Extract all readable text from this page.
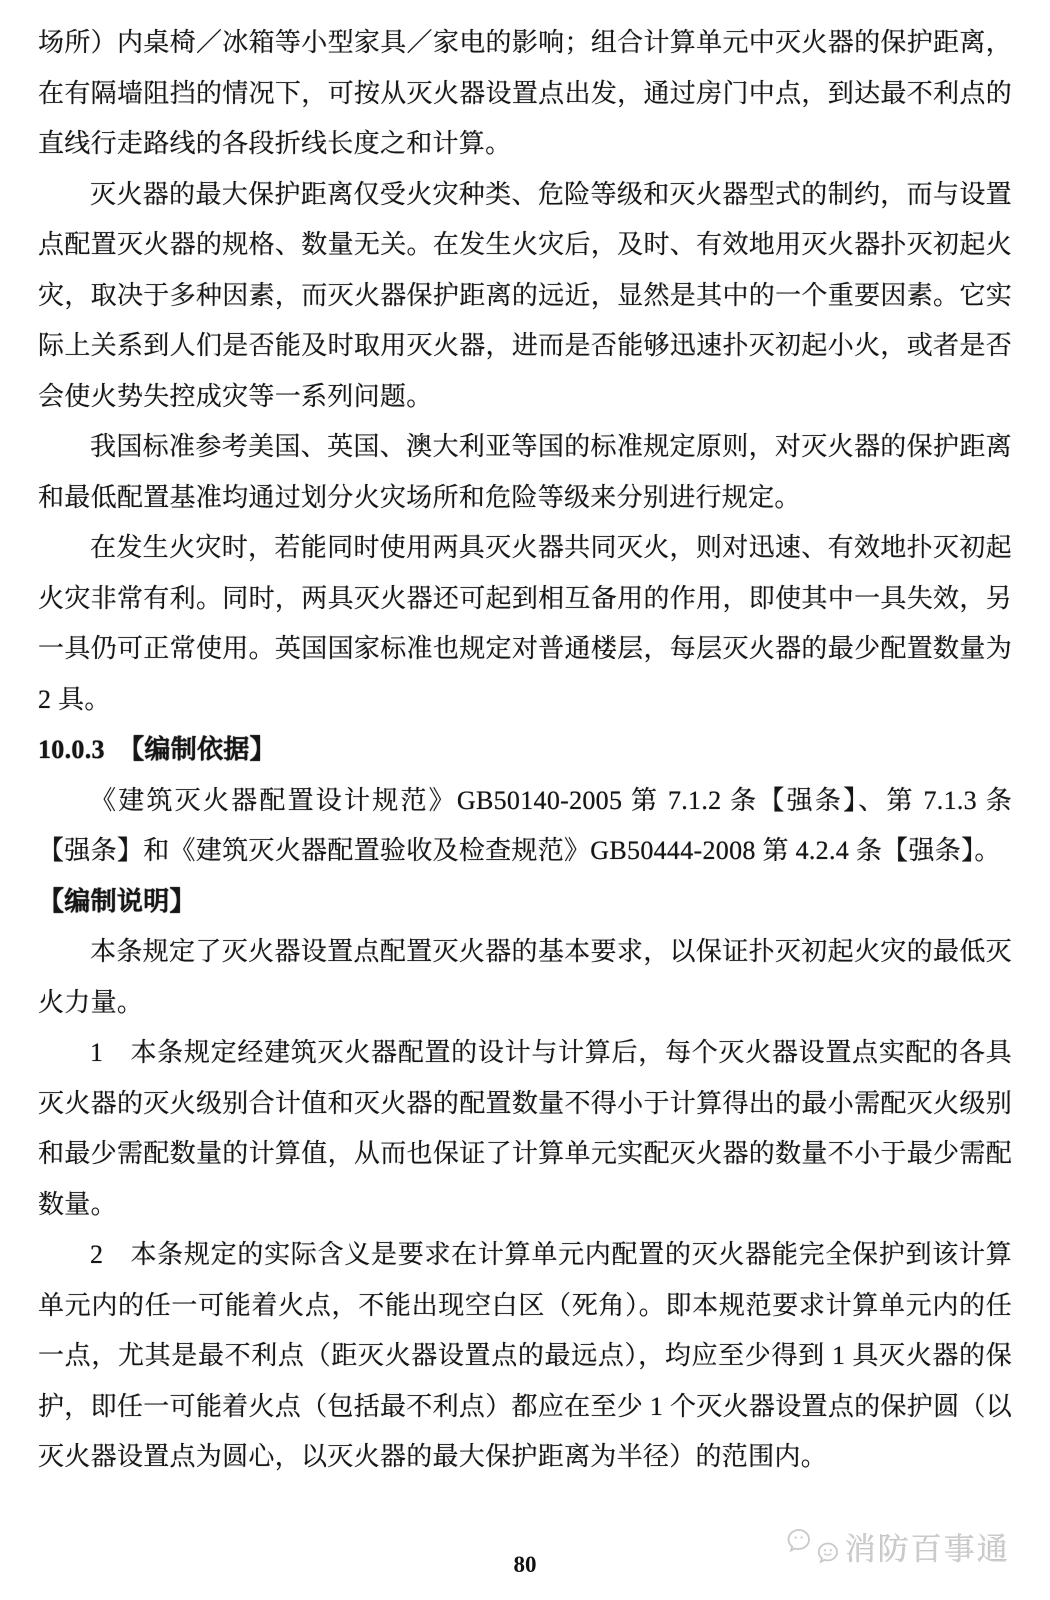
场所）内桌椅／冰箱等小型家具／家电的影响；组合计算单元中灭火器的保护距离，在有隔墙阻挡的情况下，可按从灭火器设置点出发，通过房门中点，到达最不利点的直线行走路线的各段折线长度之和计算。

灭火器的最大保护距离仅受火灾种类、危险等级和灭火器型式的制约，而与设置点配置灭火器的规格、数量无关。在发生火灾后，及时、有效地用灭火器扑灭初起火灾，取决于多种因素，而灭火器保护距离的远近，显然是其中的一个重要因素。它实际上关系到人们是否能及时取用灭火器，进而是否能够迅速扑灭初起小火，或者是否会使火势失控成灾等一系列问题。

我国标准参考美国、英国、澳大利亚等国的标准规定原则，对灭火器的保护距离和最低配置基准均通过划分火灾场所和危险等级来分别进行规定。

在发生火灾时，若能同时使用两具灭火器共同灭火，则对迅速、有效地扑灭初起火灾非常有利。同时，两具灭火器还可起到相互备用的作用，即使其中一具失效，另一具仍可正常使用。英国国家标准也规定对普通楼层，每层灭火器的最少配置数量为 2 具。

10.0.3　【编制依据】

《建筑灭火器配置设计规范》GB50140-2005 第 7.1.2 条【强条】、第 7.1.3 条【强条】和《建筑灭火器配置验收及检查规范》GB50444-2008 第 4.2.4 条【强条】。

【编制说明】

本条规定了灭火器设置点配置灭火器的基本要求，以保证扑灭初起火灾的最低灭火力量。

1　本条规定经建筑灭火器配置的设计与计算后，每个灭火器设置点实配的各具灭火器的灭火级别合计值和灭火器的配置数量不得小于计算得出的最小需配灭火级别和最少需配数量的计算值，从而也保证了计算单元实配灭火器的数量不小于最少需配数量。

2　本条规定的实际含义是要求在计算单元内配置的灭火器能完全保护到该计算单元内的任一可能着火点，不能出现空白区（死角）。即本规范要求计算单元内的任一点，尤其是最不利点（距灭火器设置点的最远点），均应至少得到 1 具灭火器的保护，即任一可能着火点（包括最不利点）都应在至少 1 个灭火器设置点的保护圆（以灭火器设置点为圆心，以灭火器的最大保护距离为半径）的范围内。

消防百事通
80
